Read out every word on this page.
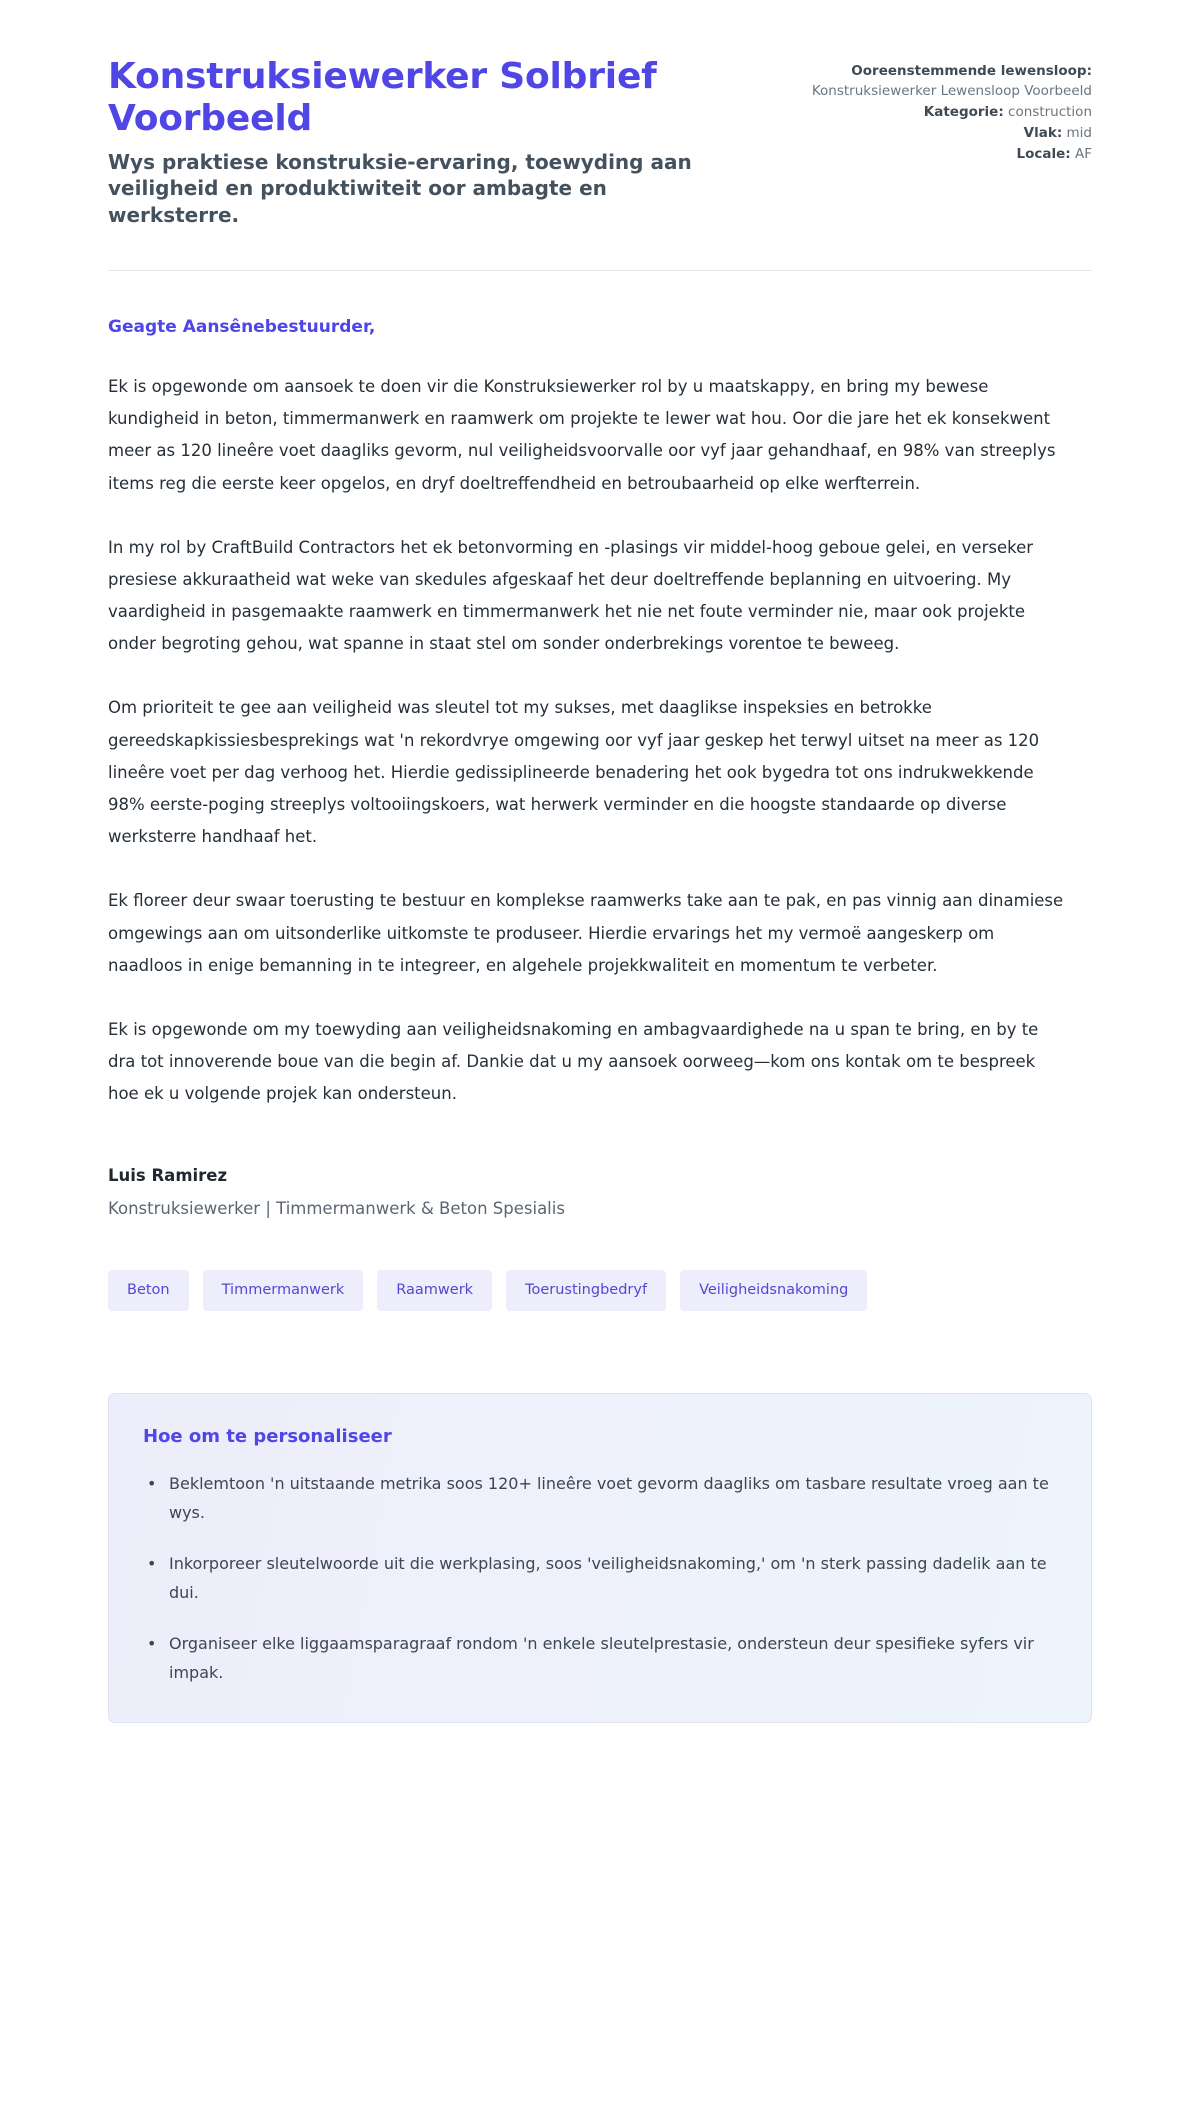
Konstruksiewerker Solbrief Voorbeeld

Wys praktiese konstruksie-ervaring, toewyding aan veiligheid en produktiwiteit oor ambagte en werksterre.

Ooreenstemmende lewensloop: Konstruksiewerker Lewensloop Voorbeeld
Kategorie: construction
Vlak: mid
Locale: AF

Geagte Aansênebestuurder,

Ek is opgewonde om aansoek te doen vir die Konstruksiewerker rol by u maatskappy, en bring my bewese kundigheid in beton, timmermanwerk en raamwerk om projekte te lewer wat hou. Oor die jare het ek konsekwent meer as 120 lineêre voet daagliks gevorm, nul veiligheidsvoorvalle oor vyf jaar gehandhaaf, en 98% van streeplys items reg die eerste keer opgelos, en dryf doeltreffendheid en betroubaarheid op elke werfterrein.

In my rol by CraftBuild Contractors het ek betonvorming en -plasings vir middel-hoog geboue gelei, en verseker presiese akkuraatheid wat weke van skedules afgeskaaf het deur doeltreffende beplanning en uitvoering. My vaardigheid in pasgemaakte raamwerk en timmermanwerk het nie net foute verminder nie, maar ook projekte onder begroting gehou, wat spanne in staat stel om sonder onderbrekings vorentoe te beweeg.

Om prioriteit te gee aan veiligheid was sleutel tot my sukses, met daaglikse inspeksies en betrokke gereedskapkissiesbesprekings wat 'n rekordvrye omgewing oor vyf jaar geskep het terwyl uitset na meer as 120 lineêre voet per dag verhoog het. Hierdie gedissiplineerde benadering het ook bygedra tot ons indrukwekkende 98% eerste-poging streeplys voltooiingskoers, wat herwerk verminder en die hoogste standaarde op diverse werksterre handhaaf het.

Ek floreer deur swaar toerusting te bestuur en komplekse raamwerks take aan te pak, en pas vinnig aan dinamiese omgewings aan om uitsonderlike uitkomste te produseer. Hierdie ervarings het my vermoë aangeskerp om naadloos in enige bemanning in te integreer, en algehele projekkwaliteit en momentum te verbeter.

Ek is opgewonde om my toewyding aan veiligheidsnakoming en ambagvaardighede na u span te bring, en by te dra tot innoverende boue van die begin af. Dankie dat u my aansoek oorweeg—kom ons kontak om te bespreek hoe ek u volgende projek kan ondersteun.

Luis Ramirez

Konstruksiewerker | Timmermanwerk & Beton Spesialis

Beton	Timmermanwerk	Raamwerk	Toerustingbedryf	Veiligheidsnakoming
Hoe om te personaliseer
• Beklemtoon 'n uitstaande metrika soos 120+ lineêre voet gevorm daagliks om tasbare resultate vroeg aan te wys.
• Inkorporeer sleutelwoorde uit die werkplasing, soos 'veiligheidsnakoming,' om 'n sterk passing dadelik aan te dui.
• Organiseer elke liggaamsparagraaf rondom 'n enkele sleutelprestasie, ondersteun deur spesifieke syfers vir impak.
